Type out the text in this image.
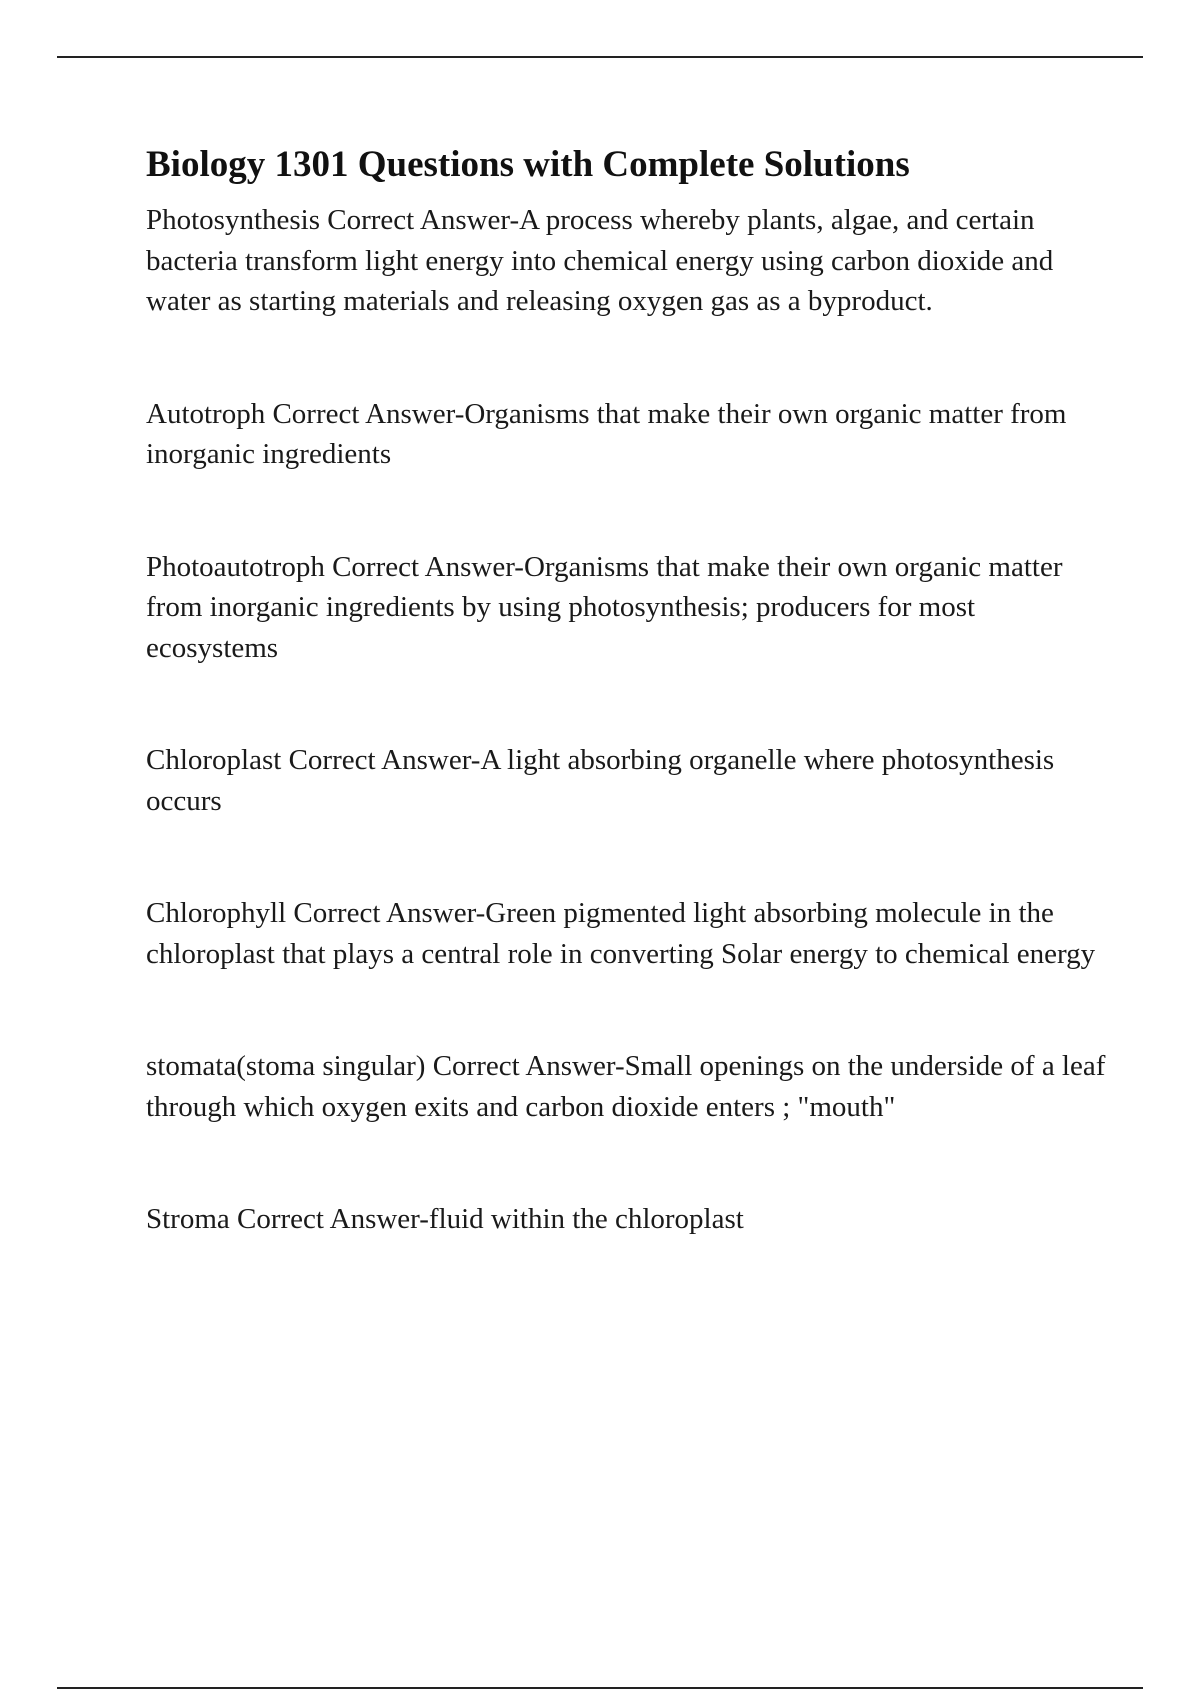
Biology 1301 Questions with Complete Solutions

Photosynthesis Correct Answer-A process whereby plants, algae, and certain bacteria transform light energy into chemical energy using carbon dioxide and water as starting materials and releasing oxygen gas as a byproduct.

Autotroph Correct Answer-Organisms that make their own organic matter from inorganic ingredients

Photoautotroph Correct Answer-Organisms that make their own organic matter from inorganic ingredients by using photosynthesis; producers for most ecosystems

Chloroplast Correct Answer-A light absorbing organelle where photosynthesis occurs

Chlorophyll Correct Answer-Green pigmented light absorbing molecule in the chloroplast that plays a central role in converting Solar energy to chemical energy

stomata(stoma singular) Correct Answer-Small openings on the underside of a leaf through which oxygen exits and carbon dioxide enters ; "mouth"

Stroma Correct Answer-fluid within the chloroplast
